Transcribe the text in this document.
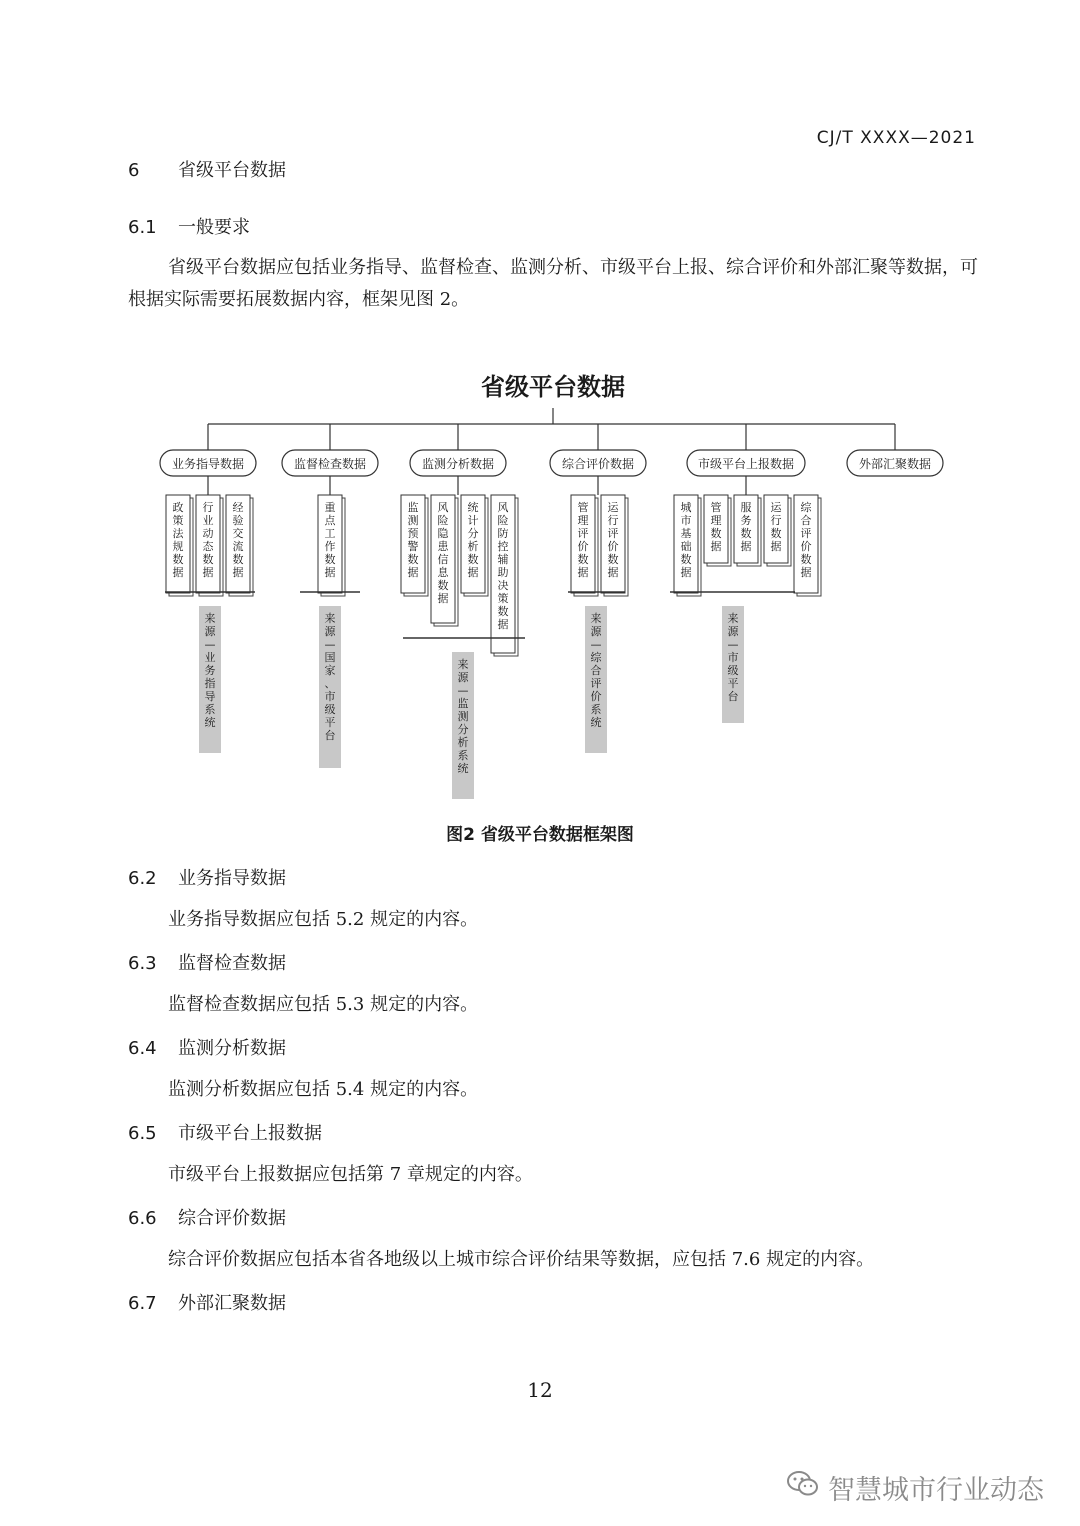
CJ/T XXXX—2021
6 省级平台数据
6.1 一般要求
省级平台数据应包括业务指导、监督检查、监测分析、市级平台上报、综合评价和外部汇聚等数据，可根据实际需要拓展数据内容，框架见图 2。
省级平台数据
业务指导数据
政策法规数据
行业动态数据
经验交流数据
来源—业务指导系统
监督检查数据
重点工作数据
来源—国家、市级平台
监测分析数据
监测预警数据
风险隐患信息数据
统计分析数据
风险防控辅助决策数据
来源—监测分析系统
综合评价数据
管理评价数据
运行评价数据
来源—综合评价系统
市级平台上报数据
城市基础数据
管理数据
服务数据
运行数据
综合评价数据
来源—市级平台
外部汇聚数据
图2 省级平台数据框架图
6.2 业务指导数据
业务指导数据应包括 5.2 规定的内容。
6.3 监督检查数据
监督检查数据应包括 5.3 规定的内容。
6.4 监测分析数据
监测分析数据应包括 5.4 规定的内容。
6.5 市级平台上报数据
市级平台上报数据应包括第 7 章规定的内容。
6.6 综合评价数据
综合评价数据应包括本省各地级以上城市综合评价结果等数据，应包括 7.6 规定的内容。
6.7 外部汇聚数据
12
智慧城市行业动态
